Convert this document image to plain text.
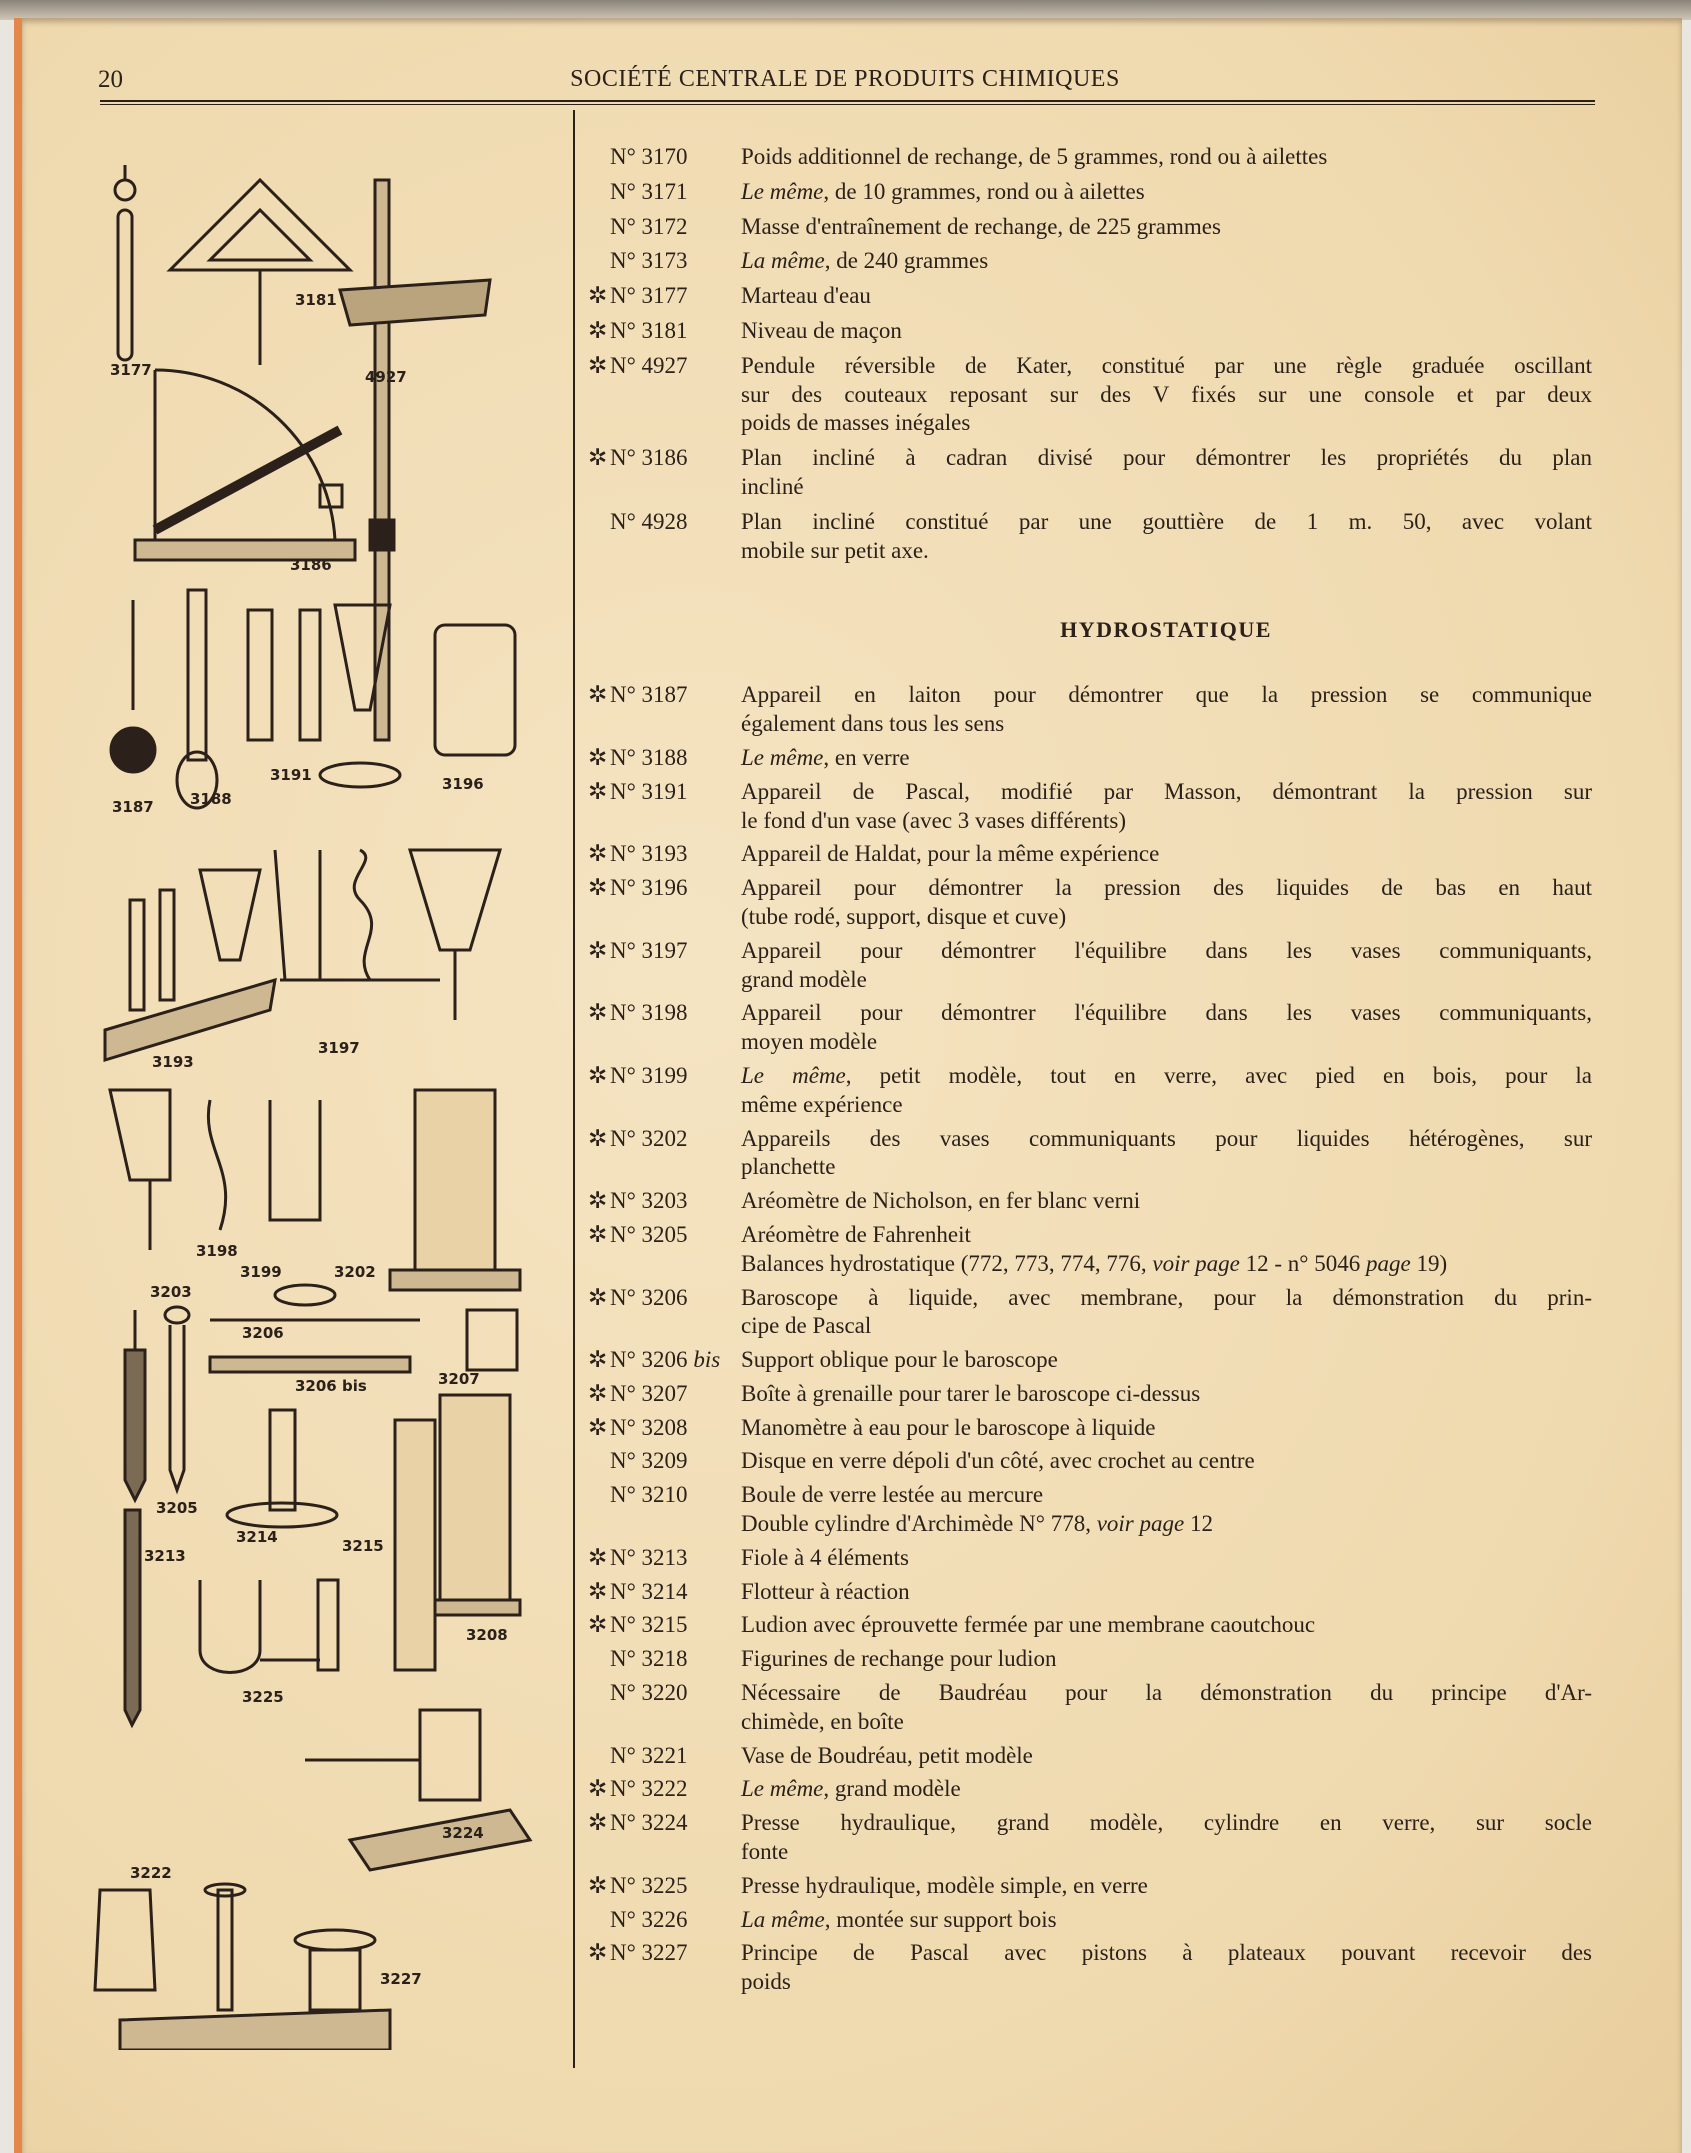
20	SOCIÉTÉ CENTRALE DE PRODUITS CHIMIQUES
3181
3177	4927
3186
3187 3188
3191	3196
3193
3197
3198
3199	3202
3203
3206
3206 bis	3207
3205
3214	3215
3213
3208
3225
3224
3222
3227
N° 3170	Poids additionnel de rechange, de 5 grammes, rond ou à ailettes
N° 3171	Le même, de 10 grammes, rond ou à ailettes
N° 3172	Masse d'entraînement de rechange, de 225 grammes
N° 3173	La même, de 240 grammes
✲ N° 3177	Marteau d'eau
✲ N° 3181	Niveau de maçon
✲ N° 4927	Pendule réversible de Kater, constitué par une règle graduée oscillant
sur des couteaux reposant sur des V fixés sur une console et par deux
poids de masses inégales
✲ N° 3186	Plan incliné à cadran divisé pour démontrer les propriétés du plan
incliné
N° 4928	Plan incliné constitué par une gouttière de 1 m. 50, avec volant
mobile sur petit axe.
HYDROSTATIQUE
✲ N° 3187	Appareil en laiton pour démontrer que la pression se communique
également dans tous les sens
✲ N° 3188	Le même, en verre
✲ N° 3191	Appareil de Pascal, modifié par Masson, démontrant la pression sur
le fond d'un vase (avec 3 vases différents)
✲ N° 3193	Appareil de Haldat, pour la même expérience
✲ N° 3196	Appareil pour démontrer la pression des liquides de bas en haut
(tube rodé, support, disque et cuve)
✲ N° 3197	Appareil pour démontrer l'équilibre dans les vases communiquants,
grand modèle
✲ N° 3198	Appareil pour démontrer l'équilibre dans les vases communiquants,
moyen modèle
✲ N° 3199	Le même, petit modèle, tout en verre, avec pied en bois, pour la
même expérience
✲ N° 3202	Appareils des vases communiquants pour liquides hétérogènes, sur
planchette
✲ N° 3203	Aréomètre de Nicholson, en fer blanc verni
✲ N° 3205	Aréomètre de Fahrenheit
Balances hydrostatique (772, 773, 774, 776, voir page 12 - n° 5046 page 19)
✲ N° 3206	Baroscope à liquide, avec membrane, pour la démonstration du prin-
cipe de Pascal
✲ N° 3206 bis Support oblique pour le baroscope
✲ N° 3207	Boîte à grenaille pour tarer le baroscope ci-dessus
✲ N° 3208	Manomètre à eau pour le baroscope à liquide
N° 3209	Disque en verre dépoli d'un côté, avec crochet au centre
N° 3210	Boule de verre lestée au mercure
Double cylindre d'Archimède N° 778, voir page 12
✲ N° 3213	Fiole à 4 éléments
✲ N° 3214	Flotteur à réaction
✲ N° 3215	Ludion avec éprouvette fermée par une membrane caoutchouc
N° 3218	Figurines de rechange pour ludion
N° 3220	Nécessaire de Baudréau pour la démonstration du principe d'Ar-
chimède, en boîte
N° 3221	Vase de Boudréau, petit modèle
✲ N° 3222	Le même, grand modèle
✲ N° 3224	Presse hydraulique, grand modèle, cylindre en verre, sur socle
fonte
✲ N° 3225	Presse hydraulique, modèle simple, en verre
N° 3226	La même, montée sur support bois
✲ N° 3227	Principe de Pascal avec pistons à plateaux pouvant recevoir des
poids
